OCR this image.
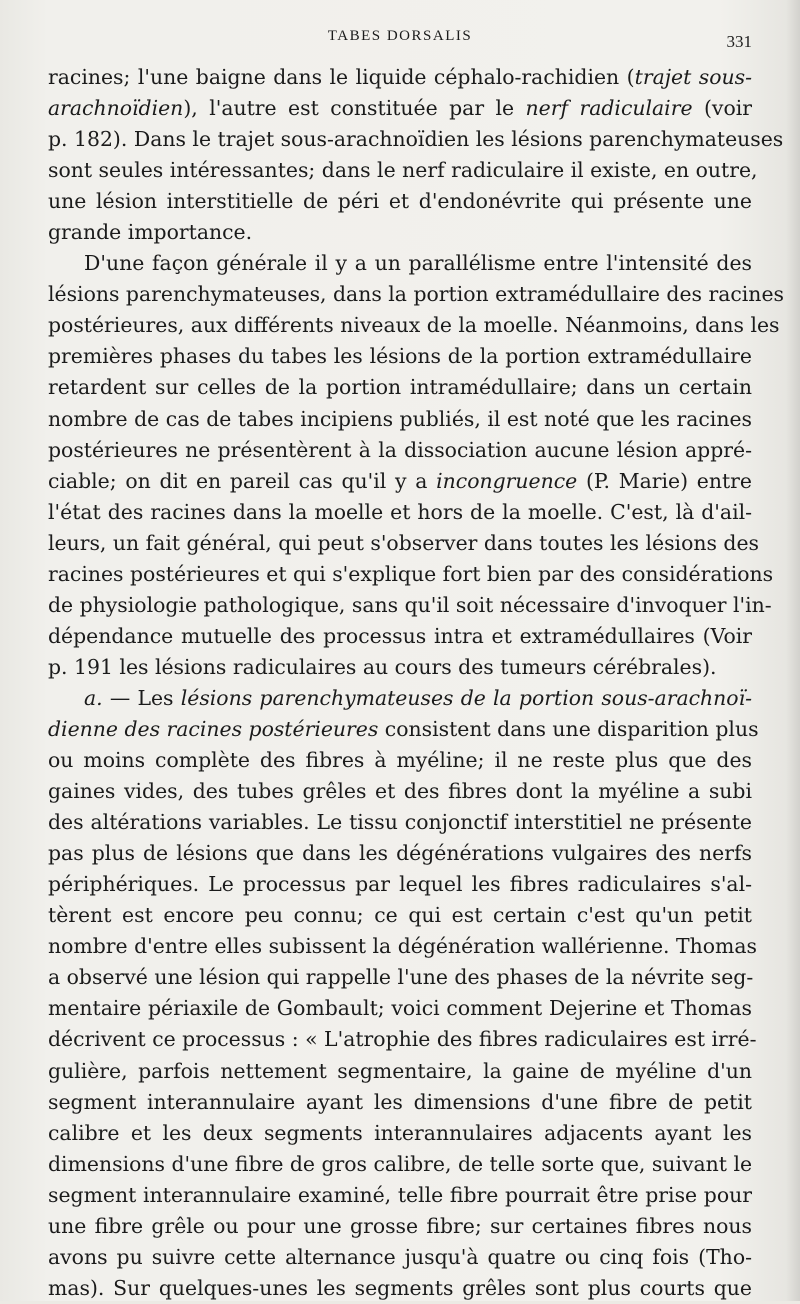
TABES DORSALIS	331
racines; l'une baigne dans le liquide céphalo-rachidien (trajet sous-
arachnoïdien), l'autre est constituée par le nerf radiculaire (voir
p. 182). Dans le trajet sous-arachnoïdien les lésions parenchymateuses
sont seules intéressantes; dans le nerf radiculaire il existe, en outre,
une lésion interstitielle de péri et d'endonévrite qui présente une
grande importance.
D'une façon générale il y a un parallélisme entre l'intensité des
lésions parenchymateuses, dans la portion extramédullaire des racines
postérieures, aux différents niveaux de la moelle. Néanmoins, dans les
premières phases du tabes les lésions de la portion extramédullaire
retardent sur celles de la portion intramédullaire; dans un certain
nombre de cas de tabes incipiens publiés, il est noté que les racines
postérieures ne présentèrent à la dissociation aucune lésion appré-
ciable; on dit en pareil cas qu'il y a incongruence (P. Marie) entre
l'état des racines dans la moelle et hors de la moelle. C'est, là d'ail-
leurs, un fait général, qui peut s'observer dans toutes les lésions des
racines postérieures et qui s'explique fort bien par des considérations
de physiologie pathologique, sans qu'il soit nécessaire d'invoquer l'in-
dépendance mutuelle des processus intra et extramédullaires (Voir
p. 191 les lésions radiculaires au cours des tumeurs cérébrales).
a. — Les lésions parenchymateuses de la portion sous-arachnoï-
dienne des racines postérieures consistent dans une disparition plus
ou moins complète des fibres à myéline; il ne reste plus que des
gaines vides, des tubes grêles et des fibres dont la myéline a subi
des altérations variables. Le tissu conjonctif interstitiel ne présente
pas plus de lésions que dans les dégénérations vulgaires des nerfs
périphériques. Le processus par lequel les fibres radiculaires s'al-
tèrent est encore peu connu; ce qui est certain c'est qu'un petit
nombre d'entre elles subissent la dégénération wallérienne. Thomas
a observé une lésion qui rappelle l'une des phases de la névrite seg-
mentaire périaxile de Gombault; voici comment Dejerine et Thomas
décrivent ce processus : « L'atrophie des fibres radiculaires est irré-
gulière, parfois nettement segmentaire, la gaine de myéline d'un
segment interannulaire ayant les dimensions d'une fibre de petit
calibre et les deux segments interannulaires adjacents ayant les
dimensions d'une fibre de gros calibre, de telle sorte que, suivant le
segment interannulaire examiné, telle fibre pourrait être prise pour
une fibre grêle ou pour une grosse fibre; sur certaines fibres nous
avons pu suivre cette alternance jusqu'à quatre ou cinq fois (Tho-
mas). Sur quelques-unes les segments grêles sont plus courts que
